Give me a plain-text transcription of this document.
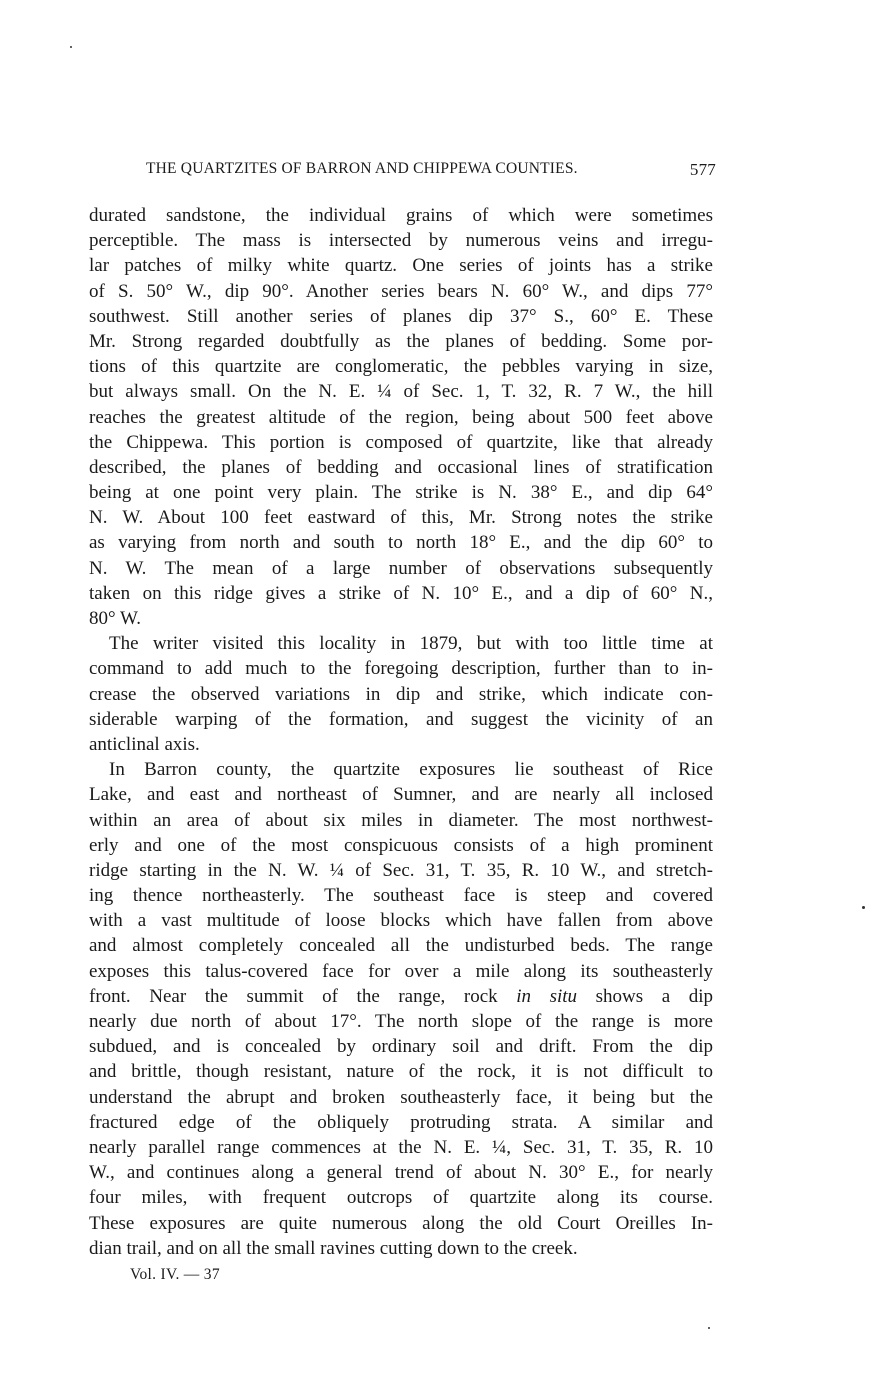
THE QUARTZITES OF BARRON AND CHIPPEWA COUNTIES.	577
durated sandstone, the individual grains of which were sometimes
perceptible. The mass is intersected by numerous veins and irregu-
lar patches of milky white quartz. One series of joints has a strike
of S. 50° W., dip 90°. Another series bears N. 60° W., and dips 77°
southwest. Still another series of planes dip 37° S., 60° E. These
Mr. Strong regarded doubtfully as the planes of bedding. Some por-
tions of this quartzite are conglomeratic, the pebbles varying in size,
but always small. On the N. E. ¼ of Sec. 1, T. 32, R. 7 W., the hill
reaches the greatest altitude of the region, being about 500 feet above
the Chippewa. This portion is composed of quartzite, like that already
described, the planes of bedding and occasional lines of stratification
being at one point very plain. The strike is N. 38° E., and dip 64°
N. W. About 100 feet eastward of this, Mr. Strong notes the strike
as varying from north and south to north 18° E., and the dip 60° to
N. W. The mean of a large number of observations subsequently
taken on this ridge gives a strike of N. 10° E., and a dip of 60° N.,
80° W.
The writer visited this locality in 1879, but with too little time at
command to add much to the foregoing description, further than to in-
crease the observed variations in dip and strike, which indicate con-
siderable warping of the formation, and suggest the vicinity of an
anticlinal axis.
In Barron county, the quartzite exposures lie southeast of Rice
Lake, and east and northeast of Sumner, and are nearly all inclosed
within an area of about six miles in diameter. The most northwest-
erly and one of the most conspicuous consists of a high prominent
ridge starting in the N. W. ¼ of Sec. 31, T. 35, R. 10 W., and stretch-
ing thence northeasterly. The southeast face is steep and covered
with a vast multitude of loose blocks which have fallen from above
and almost completely concealed all the undisturbed beds. The range
exposes this talus-covered face for over a mile along its southeasterly
front. Near the summit of the range, rock in situ shows a dip
nearly due north of about 17°. The north slope of the range is more
subdued, and is concealed by ordinary soil and drift. From the dip
and brittle, though resistant, nature of the rock, it is not difficult to
understand the abrupt and broken southeasterly face, it being but the
fractured edge of the obliquely protruding strata. A similar and
nearly parallel range commences at the N. E. ¼, Sec. 31, T. 35, R. 10
W., and continues along a general trend of about N. 30° E., for nearly
four miles, with frequent outcrops of quartzite along its course.
These exposures are quite numerous along the old Court Oreilles In-
dian trail, and on all the small ravines cutting down to the creek.
Vol. IV. — 37
